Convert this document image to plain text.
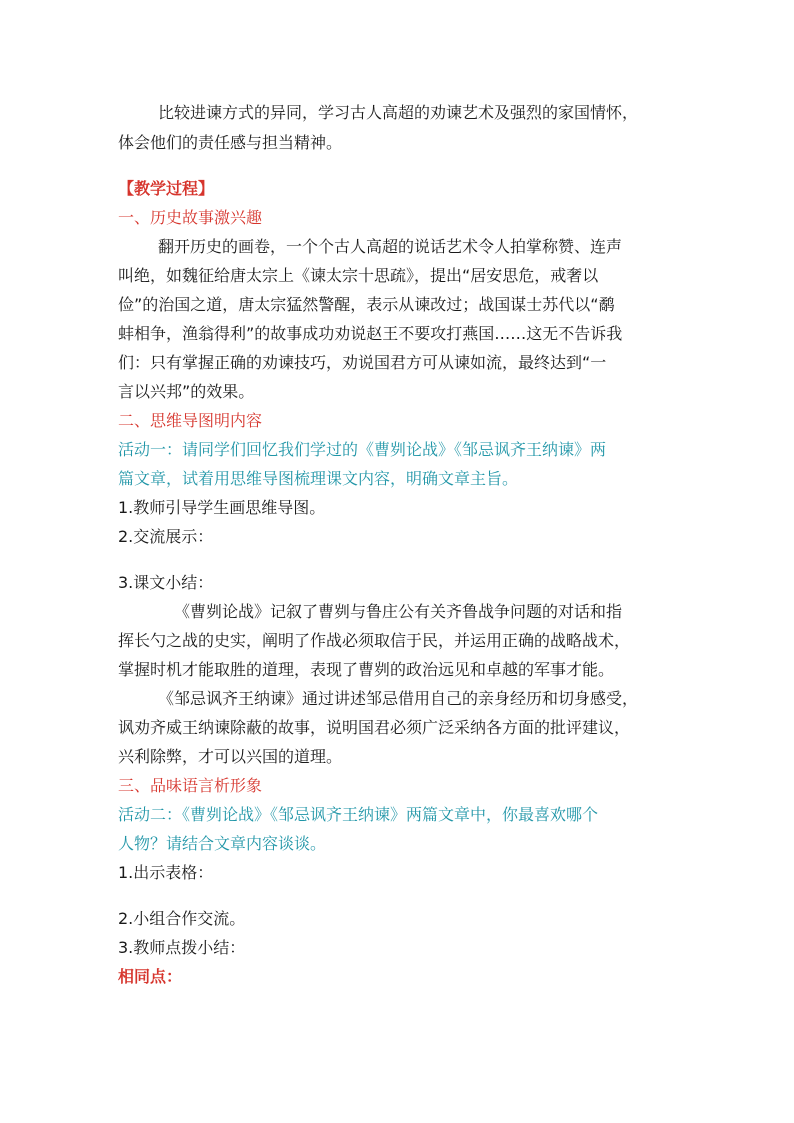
比较进谏方式的异同，学习古人高超的劝谏艺术及强烈的家国情怀，
体会他们的责任感与担当精神。
【教学过程】
一、历史故事激兴趣
翻开历史的画卷，一个个古人高超的说话艺术令人拍掌称赞、连声
叫绝，如魏征给唐太宗上《谏太宗十思疏》，提出“居安思危，戒奢以
俭”的治国之道，唐太宗猛然警醒，表示从谏改过；战国谋士苏代以“鹬
蚌相争，渔翁得利”的故事成功劝说赵王不要攻打燕国……这无不告诉我
们：只有掌握正确的劝谏技巧，劝说国君方可从谏如流，最终达到“一
言以兴邦”的效果。
二、思维导图明内容
活动一：请同学们回忆我们学过的《曹刿论战》《邹忌讽齐王纳谏》两
篇文章，试着用思维导图梳理课文内容，明确文章主旨。
1.教师引导学生画思维导图。
2.交流展示：
3.课文小结：
《曹刿论战》记叙了曹刿与鲁庄公有关齐鲁战争问题的对话和指
挥长勺之战的史实，阐明了作战必须取信于民，并运用正确的战略战术，
掌握时机才能取胜的道理，表现了曹刿的政治远见和卓越的军事才能。
《邹忌讽齐王纳谏》通过讲述邹忌借用自己的亲身经历和切身感受，
讽劝齐威王纳谏除蔽的故事，说明国君必须广泛采纳各方面的批评建议，
兴利除弊，才可以兴国的道理。
三、品味语言析形象
活动二：《曹刿论战》《邹忌讽齐王纳谏》两篇文章中，你最喜欢哪个
人物？请结合文章内容谈谈。
1.出示表格：
2.小组合作交流。
3.教师点拨小结：
相同点：
